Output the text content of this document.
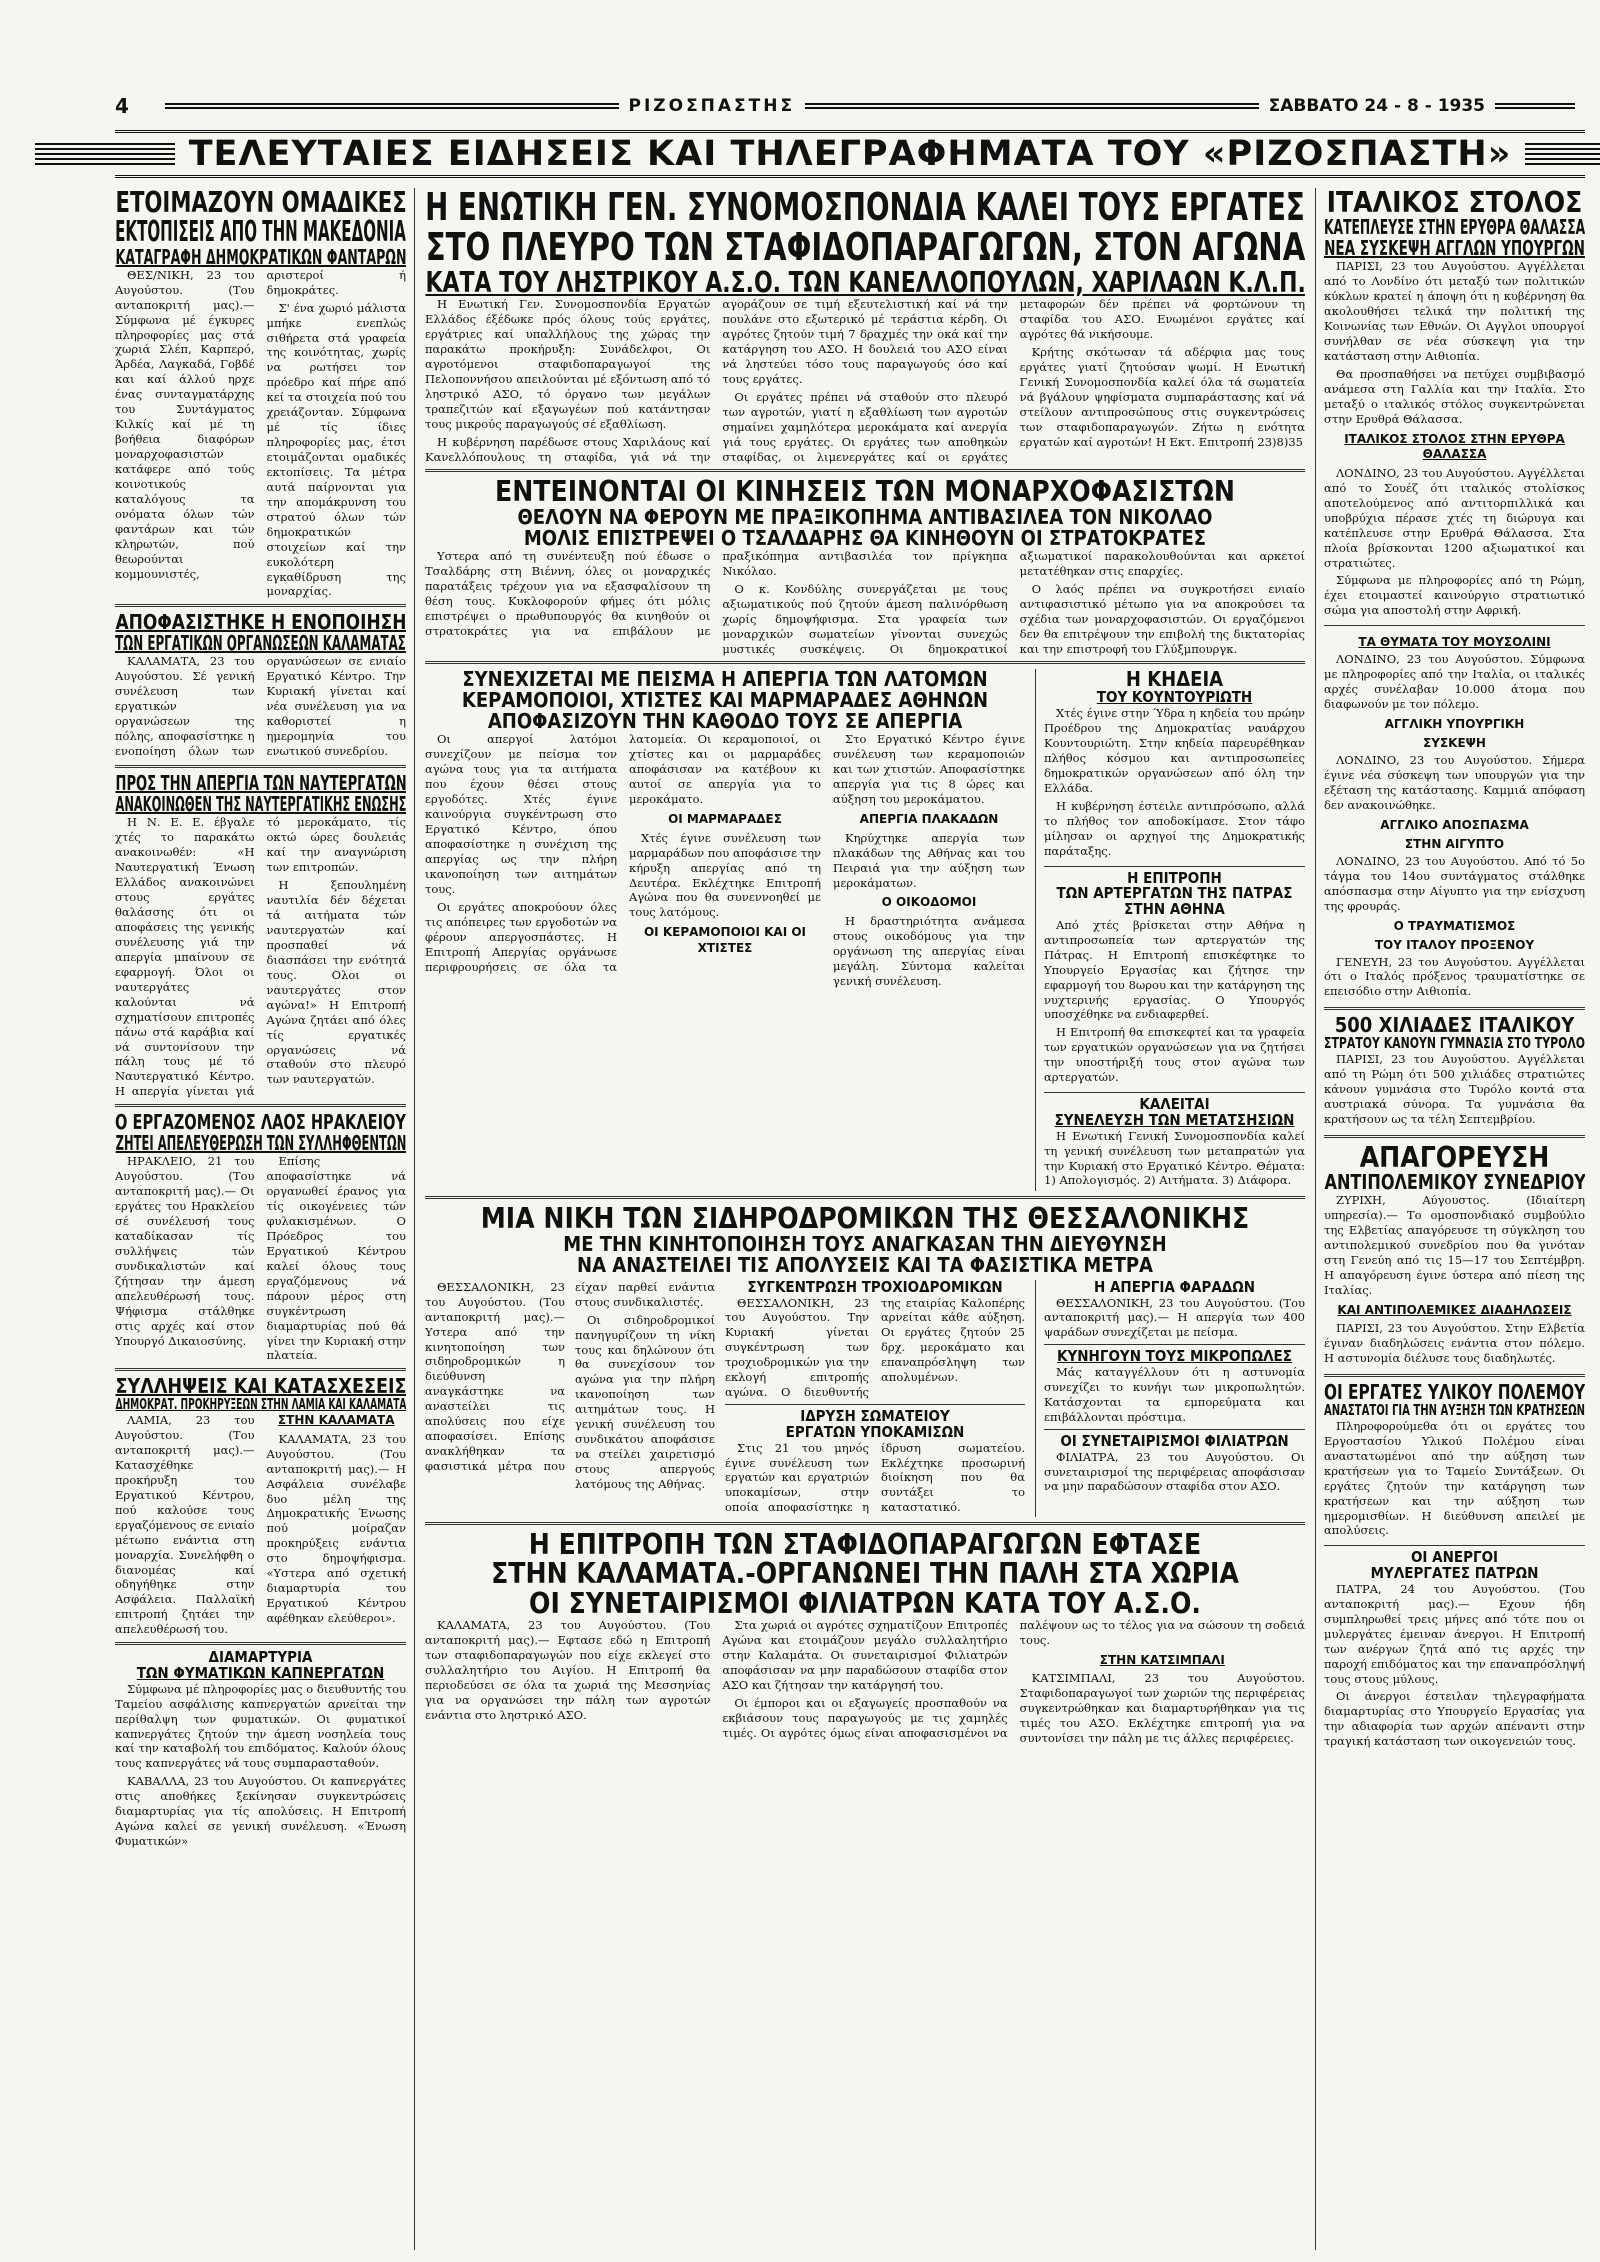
4	ΡΙΖΟΣΠΑΣΤΗΣ	ΣΑΒΒΑΤΟ 24 - 8 - 1935
ΤΕΛΕΥΤΑΙΕΣ ΕΙΔΗΣΕΙΣ ΚΑΙ ΤΗΛΕΓΡΑΦΗΜΑΤΑ ΤΟΥ «ΡΙΖΟΣΠΑΣΤΗ»
ΕΤΟΙΜΑΖΟΥΝ ΟΜΑΔΙΚΕΣ
ΕΚΤΟΠΙΣΕΙΣ ΑΠΟ ΤΗΝ ΜΑΚΕΔΟΝΙΑ
ΚΑΤΑΓΡΑΦΗ ΔΗΜΟΚΡΑΤΙΚΩΝ ΦΑΝΤΑΡΩΝ

ΘΕΣ/ΝΙΚΗ, 23 του Αυγούστου. (Του ανταποκριτή μας).— Σύμφωνα μέ έγκυρες πληροφορίες μας στά χωριά Σλέπ, Καρπερό, Άρδέα, Λαγκαδά, Γοβδέ και καί άλλού ηρχε ένας συνταγματάρχης του Συντάγματος Κιλκίς καί μέ τη βοήθεια διαφόρων μοναρχοφασιστών κατάφερε από τούς κοινοτικούς καταλόγους τα ονόματα όλων τών φαντάρων και τών κληρωτών, πού θεωρούνται κομμουνιστές, αριστεροί ή δημοκράτες.

Σ' ένα χωριό μάλιστα μπήκε ενεπλώς σιθήρετα στά γραφεία της κοινότητας, χωρίς να ρωτήσει τον πρόεδρο καί πήρε από κεί τα στοιχεία πού του χρειάζονταν. Σύμφωνα μέ τίς ίδιες πληροφορίες μας, έτσι ετοιμάζονται ομαδικές εκτοπίσεις. Τα μέτρα αυτά παίρνονται για την απομάκρυνση του στρατού όλων τών δημοκρατικών στοιχείων καί την ευκολότερη εγκαθίδρυση της μοναρχίας.

ΑΠΟΦΑΣΙΣΤΗΚΕ Η ΕΝΟΠΟΙΗΣΗ
ΤΩΝ ΕΡΓΑΤΙΚΩΝ ΟΡΓΑΝΩΣΕΩΝ ΚΑΛΑΜΑΤΑΣ

ΚΑΛΑΜΑΤΑ, 23 του Αυγούστου. Σέ γενική συνέλευση των εργατικών οργανώσεων της πόλης, αποφασίστηκε η ενοποίηση όλων των οργανώσεων σε ενιαίο Εργατικό Κέντρο. Την Κυριακή γίνεται καί νέα συνέλευση για να καθοριστεί η ημερομηνία του ενωτικού συνεδρίου.

ΠΡΟΣ ΤΗΝ ΑΠΕΡΓΙΑ ΤΩΝ ΝΑΥΤΕΡΓΑΤΩΝ
ΑΝΑΚΟΙΝΩΘΕΝ ΤΗΣ ΝΑΥΤΕΡΓΑΤΙΚΗΣ ΕΝΩΣΗΣ

Η Ν. Ε. Ε. έβγαλε χτές το παρακάτω ανακοινωθέν: «Η Ναυτεργατική Ένωση Ελλάδος ανακοινώνει στους εργάτες θαλάσσης ότι οι αποφάσεις της γενικής συνέλευσης γιά την απεργία μπαίνουν σε εφαρμογή. Όλοι οι ναυτεργάτες καλούνται νά σχηματίσουν επιτροπές πάνω στά καράβια καί νά συντονίσουν την πάλη τους μέ τό Ναυτεργατικό Κέντρο. Η απεργία γίνεται γιά τό μεροκάματο, τίς οκτώ ώρες δουλειάς καί την αναγνώριση των επιτροπών.

Η ξεπουλημένη ναυτιλία δέν δέχεται τά αιτήματα τών ναυτεργατών καί προσπαθεί νά διασπάσει την ενότητά τους. Ολοι οι ναυτεργάτες στον αγώνα!» Η Επιτροπή Αγώνα ζητάει από όλες τίς εργατικές οργανώσεις νά σταθούν στο πλευρό των ναυτεργατών.

Ο ΕΡΓΑΖΟΜΕΝΟΣ ΛΑΟΣ ΗΡΑΚΛΕΙΟΥ
ΖΗΤΕΙ ΑΠΕΛΕΥΘΕΡΩΣΗ ΤΩΝ ΣΥΛΛΗΦΘΕΝΤΩΝ

ΗΡΑΚΛΕΙΟ, 21 του Αυγούστου. (Του ανταποκριτή μας).— Οι εργάτες του Ηρακλείου σέ συνέλευσή τους καταδίκασαν τίς συλλήψεις τών συνδικαλιστών καί ζήτησαν την άμεση απελευθέρωσή τους. Ψήφισμα στάλθηκε στις αρχές καί στον Υπουργό Δικαιοσύνης.

Επίσης αποφασίστηκε νά οργανωθεί έρανος για τίς οικογένειες τών φυλακισμένων. Ο Πρόεδρος του Εργατικού Κέντρου καλεί όλους τους εργαζόμενους νά πάρουν μέρος στη συγκέντρωση διαμαρτυρίας πού θά γίνει την Κυριακή στην πλατεία.

ΣΥΛΛΗΨΕΙΣ ΚΑΙ ΚΑΤΑΣΧΕΣΕΙΣ
ΔΗΜΟΚΡΑΤ. ΠΡΟΚΗΡΥΞΕΩΝ ΣΤΗΝ ΛΑΜΙΑ ΚΑΙ ΚΑΛΑΜΑΤΑ

ΛΑΜΙΑ, 23 του Αυγούστου. (Του ανταποκριτή μας).— Κατασχέθηκε προκήρυξη του Εργατικού Κέντρου, πού καλούσε τους εργαζόμενους σε ενιαίο μέτωπο ενάντια στη μοναρχία. Συνελήφθη ο διανομέας καί οδηγήθηκε στην Ασφάλεια. Παλλαϊκή επιτροπή ζητάει την απελευθέρωσή του.

ΣΤΗΝ ΚΑΛΑΜΑΤΑ

ΚΑΛΑΜΑΤΑ, 23 του Αυγούστου. (Του ανταποκριτή μας).— Η Ασφάλεια συνέλαβε δυο μέλη της Δημοκρατικής Ένωσης πού μοίραζαν προκηρύξεις ενάντια στο δημοψήφισμα. «Υστερα από σχετική διαμαρτυρία του Εργατικού Κέντρου αφέθηκαν ελεύθεροι».

ΔΙΑΜΑΡΤΥΡΙΑ
ΤΩΝ ΦΥΜΑΤΙΚΩΝ ΚΑΠΝΕΡΓΑΤΩΝ

Σύμφωνα μέ πληροφορίες μας ο διευθυντής του Ταμείου ασφάλισης καπνεργατών αρνείται την περίθαλψη των φυματικών. Οι φυματικοί καπνεργάτες ζητούν την άμεση νοσηλεία τους καί την καταβολή του επιδόματος. Καλούν όλους τους καπνεργάτες νά τους συμπαρασταθούν.

ΚΑΒΑΛΛΑ, 23 του Αυγούστου. Οι καπνεργάτες στις αποθήκες ξεκίνησαν συγκεντρώσεις διαμαρτυρίας για τίς απολύσεις. Η Επιτροπή Αγώνα καλεί σε γενική συνέλευση. «Ένωση Φυματικών»

Η ΕΝΩΤΙΚΗ ΓΕΝ. ΣΥΝΟΜΟΣΠΟΝΔΙΑ ΚΑΛΕΙ ΤΟΥΣ ΕΡΓΑΤΕΣ
ΣΤΟ ΠΛΕΥΡΟ ΤΩΝ ΣΤΑΦΙΔΟΠΑΡΑΓΩΓΩΝ, ΣΤΟΝ ΑΓΩΝΑ
ΚΑΤΑ ΤΟΥ ΛΗΣΤΡΙΚΟΥ Α.Σ.Ο. ΤΩΝ ΚΑΝΕΛΛΟΠΟΥΛΩΝ, ΧΑΡΙΛΑΩΝ Κ.Λ.Π.

Η Ενωτική Γεν. Συνομοσπονδία Εργατών Ελλάδος έξέδωκε πρός όλους τούς εργάτες, εργάτριες καί υπαλλήλους της χώρας την παρακάτω προκήρυξη: Συνάδελφοι, Οι αγροτόμενοι σταφιδοπαραγωγοί της Πελοποννήσου απειλούνται μέ εξόντωση από τό ληστρικό ΑΣΟ, τό όργανο των μεγάλων τραπεζιτών καί εξαγωγέων πού κατάντησαν τους μικρούς παραγωγούς σέ εξαθλίωση.

Η κυβέρνηση παρέδωσε στους Χαριλάους καί Κανελλόπουλους τη σταφίδα, γιά νά την αγοράζουν σε τιμή εξευτελιστική καί νά την πουλάνε στο εξωτερικό μέ τεράστια κέρδη. Οι αγρότες ζητούν τιμή 7 δραχμές την οκά καί την κατάργηση του ΑΣΟ. Η δουλειά του ΑΣΟ είναι νά ληστεύει τόσο τους παραγωγούς όσο καί τους εργάτες.

Οι εργάτες πρέπει νά σταθούν στο πλευρό των αγροτών, γιατί η εξαθλίωση των αγροτών σημαίνει χαμηλότερα μεροκάματα καί ανεργία γιά τους εργάτες. Οι εργάτες των αποθηκών σταφίδας, οι λιμενεργάτες καί οι εργάτες μεταφορών δέν πρέπει νά φορτώνουν τη σταφίδα του ΑΣΟ. Ενωμένοι εργάτες καί αγρότες θά νικήσουμε.

Κρήτης σκότωσαν τά αδέρφια μας τους εργάτες γιατί ζητούσαν ψωμί. Η Ενωτική Γενική Συνομοσπονδία καλεί όλα τά σωματεία νά βγάλουν ψηφίσματα συμπαράστασης καί νά στείλουν αντιπροσώπους στις συγκεντρώσεις των σταφιδοπαραγωγών. Ζήτω η ενότητα εργατών καί αγροτών! Η Εκτ. Επιτροπή 23)8)35

ΕΝΤΕΙΝΟΝΤΑΙ ΟΙ ΚΙΝΗΣΕΙΣ ΤΩΝ ΜΟΝΑΡΧΟΦΑΣΙΣΤΩΝ
ΘΕΛΟΥΝ ΝΑ ΦΕΡΟΥΝ ΜΕ ΠΡΑΞΙΚΟΠΗΜΑ ΑΝΤΙΒΑΣΙΛΕΑ ΤΟΝ ΝΙΚΟΛΑΟ
ΜΟΛΙΣ ΕΠΙΣΤΡΕΨΕΙ Ο ΤΣΑΛΔΑΡΗΣ ΘΑ ΚΙΝΗΘΟΥΝ ΟΙ ΣΤΡΑΤΟΚΡΑΤΕΣ

Υστερα από τη συνέντευξη πού έδωσε ο Τσαλδάρης στη Βιέννη, όλες οι μοναρχικές παρατάξεις τρέχουν για να εξασφαλίσουν τη θέση τους. Κυκλοφορούν φήμες ότι μόλις επιστρέψει ο πρωθυπουργός θα κινηθούν οι στρατοκράτες για να επιβάλουν με πραξικόπημα αντιβασιλέα τον πρίγκηπα Νικόλαο.

Ο κ. Κονδύλης συνεργάζεται με τους αξιωματικούς πού ζητούν άμεση παλινόρθωση χωρίς δημοψήφισμα. Στα γραφεία των μοναρχικών σωματείων γίνονται συνεχώς μυστικές συσκέψεις. Οι δημοκρατικοί αξιωματικοί παρακολουθούνται και αρκετοί μετατέθηκαν στις επαρχίες.

Ο λαός πρέπει να συγκροτήσει ενιαίο αντιφασιστικό μέτωπο για να αποκρούσει τα σχέδια των μοναρχοφασιστών. Οι εργαζόμενοι δεν θα επιτρέψουν την επιβολή της δικτατορίας και την επιστροφή του Γλύξμπουργκ.

ΣΥΝΕΧΙΖΕΤΑΙ ΜΕ ΠΕΙΣΜΑ Η ΑΠΕΡΓΙΑ ΤΩΝ ΛΑΤΟΜΩΝ
ΚΕΡΑΜΟΠΟΙΟΙ, ΧΤΙΣΤΕΣ ΚΑΙ ΜΑΡΜΑΡΑΔΕΣ ΑΘΗΝΩΝ
ΑΠΟΦΑΣΙΖΟΥΝ ΤΗΝ ΚΑΘΟΔΟ ΤΟΥΣ ΣΕ ΑΠΕΡΓΙΑ

Οι απεργοί λατόμοι συνεχίζουν με πείσμα τον αγώνα τους για τα αιτήματα που έχουν θέσει στους εργοδότες. Χτές έγινε καινούργια συγκέντρωση στο Εργατικό Κέντρο, όπου αποφασίστηκε η συνέχιση της απεργίας ως την πλήρη ικανοποίηση των αιτημάτων τους.

Οι εργάτες αποκρούουν όλες τις απόπειρες των εργοδοτών να φέρουν απεργοσπάστες. Η Επιτροπή Απεργίας οργάνωσε περιφρουρήσεις σε όλα τα λατομεία. Οι κεραμοποιοί, οι χτίστες και οι μαρμαράδες αποφάσισαν να κατέβουν κι αυτοί σε απεργία για το μεροκάματο.

ΟΙ ΜΑΡΜΑΡΑΔΕΣ

Χτές έγινε συνέλευση των μαρμαράδων που αποφάσισε την κήρυξη απεργίας από τη Δευτέρα. Εκλέχτηκε Επιτροπή Αγώνα που θα συνεννοηθεί με τους λατόμους.

ΟΙ ΚΕΡΑΜΟΠΟΙΟΙ ΚΑΙ ΟΙ ΧΤΙΣΤΕΣ

Στο Εργατικό Κέντρο έγινε συνέλευση των κεραμοποιών και των χτιστών. Αποφασίστηκε απεργία για τις 8 ώρες και αύξηση του μεροκάματου.

ΑΠΕΡΓΙΑ ΠΛΑΚΑΔΩΝ

Κηρύχτηκε απεργία των πλακάδων της Αθήνας και του Πειραιά για την αύξηση των μεροκάματων.

Ο ΟΙΚΟΔΟΜΟΙ

Η δραστηριότητα ανάμεσα στους οικοδόμους για την οργάνωση της απεργίας είναι μεγάλη. Σύντομα καλείται γενική συνέλευση.

Η ΚΗΔΕΙΑ
ΤΟΥ ΚΟΥΝΤΟΥΡΙΩΤΗ

Χτές έγινε στην Ύδρα η κηδεία του πρώην Προέδρου της Δημοκρατίας ναυάρχου Κουντουριώτη. Στην κηδεία παρευρέθηκαν πλήθος κόσμου και αντιπροσωπείες δημοκρατικών οργανώσεων από όλη την Ελλάδα.

Η κυβέρνηση έστειλε αντιπρόσωπο, αλλά το πλήθος τον αποδοκίμασε. Στον τάφο μίλησαν οι αρχηγοί της Δημοκρατικής παράταξης.

Η ΕΠΙΤΡΟΠΗ
ΤΩΝ ΑΡΤΕΡΓΑΤΩΝ ΤΗΣ ΠΑΤΡΑΣ
ΣΤΗΝ ΑΘΗΝΑ

Από χτές βρίσκεται στην Αθήνα η αντιπροσωπεία των αρτεργατών της Πάτρας. Η Επιτροπή επισκέφτηκε το Υπουργείο Εργασίας και ζήτησε την εφαρμογή του 8ωρου και την κατάργηση της νυχτερινής εργασίας. Ο Υπουργός υποσχέθηκε να ενδιαφερθεί.

Η Επιτροπή θα επισκεφτεί και τα γραφεία των εργατικών οργανώσεων για να ζητήσει την υποστήριξή τους στον αγώνα των αρτεργατών.

ΚΑΛΕΙΤΑΙ
ΣΥΝΕΛΕΥΣΗ ΤΩΝ ΜΕΤΑΤΣΗΣΙΩΝ

Η Ενωτική Γενική Συνομοσπονδία καλεί τη γενική συνέλευση των μεταπρατών για την Κυριακή στο Εργατικό Κέντρο. Θέματα: 1) Απολογισμός. 2) Αιτήματα. 3) Διάφορα.

ΜΙΑ ΝΙΚΗ ΤΩΝ ΣΙΔΗΡΟΔΡΟΜΙΚΩΝ ΤΗΣ ΘΕΣΣΑΛΟΝΙΚΗΣ
ΜΕ ΤΗΝ ΚΙΝΗΤΟΠΟΙΗΣΗ ΤΟΥΣ ΑΝΑΓΚΑΣΑΝ ΤΗΝ ΔΙΕΥΘΥΝΣΗ
ΝΑ ΑΝΑΣΤΕΙΛΕΙ ΤΙΣ ΑΠΟΛΥΣΕΙΣ ΚΑΙ ΤΑ ΦΑΣΙΣΤΙΚΑ ΜΕΤΡΑ

ΘΕΣΣΑΛΟΝΙΚΗ, 23 του Αυγούστου. (Του ανταποκριτή μας).— Υστερα από την κινητοποίηση των σιδηροδρομικών η διεύθυνση αναγκάστηκε να αναστείλει τις απολύσεις που είχε αποφασίσει. Επίσης ανακλήθηκαν τα φασιστικά μέτρα που είχαν παρθεί ενάντια στους συνδικαλιστές.

Οι σιδηροδρομικοί πανηγυρίζουν τη νίκη τους και δηλώνουν ότι θα συνεχίσουν τον αγώνα για την πλήρη ικανοποίηση των αιτημάτων τους. Η γενική συνέλευση του συνδικάτου αποφάσισε να στείλει χαιρετισμό στους απεργούς λατόμους της Αθήνας.

ΣΥΓΚΕΝΤΡΩΣΗ ΤΡΟΧΙΟΔΡΟΜΙΚΩΝ

ΘΕΣΣΑΛΟΝΙΚΗ, 23 του Αυγούστου. Την Κυριακή γίνεται συγκέντρωση των τροχιοδρομικών για την εκλογή επιτροπής αγώνα. Ο διευθυντής της εταιρίας Καλοπέρης αρνείται κάθε αύξηση. Οι εργάτες ζητούν 25 δρχ. μεροκάματο και επαναπρόσληψη των απολυμένων.

ΙΔΡΥΣΗ ΣΩΜΑΤΕΙΟΥ
ΕΡΓΑΤΩΝ ΥΠΟΚΑΜΙΣΩΝ

Στις 21 του μηνός έγινε συνέλευση των εργατών και εργατριών υποκαμίσων, στην οποία αποφασίστηκε η ίδρυση σωματείου. Εκλέχτηκε προσωρινή διοίκηση που θα συντάξει το καταστατικό.

Η ΑΠΕΡΓΙΑ ΦΑΡΑΔΩΝ

ΘΕΣΣΑΛΟΝΙΚΗ, 23 του Αυγούστου. (Του ανταποκριτή μας).— Η απεργία των 400 ψαράδων συνεχίζεται με πείσμα.

ΚΥΝΗΓΟΥΝ ΤΟΥΣ ΜΙΚΡΟΠΩΛΕΣ

Μάς καταγγέλλουν ότι η αστυνομία συνεχίζει το κυνήγι των μικροπωλητών. Κατάσχονται τα εμπορεύματα και επιβάλλονται πρόστιμα.

ΟΙ ΣΥΝΕΤΑΙΡΙΣΜΟΙ ΦΙΛΙΑΤΡΩΝ

ΦΙΛΙΑΤΡΑ, 23 του Αυγούστου. Οι συνεταιρισμοί της περιφέρειας αποφάσισαν να μην παραδώσουν σταφίδα στον ΑΣΟ.

Η ΕΠΙΤΡΟΠΗ ΤΩΝ ΣΤΑΦΙΔΟΠΑΡΑΓΩΓΩΝ ΕΦΤΑΣΕ
ΣΤΗΝ ΚΑΛΑΜΑΤΑ.-ΟΡΓΑΝΩΝΕΙ ΤΗΝ ΠΑΛΗ ΣΤΑ ΧΩΡΙΑ
ΟΙ ΣΥΝΕΤΑΙΡΙΣΜΟΙ ΦΙΛΙΑΤΡΩΝ ΚΑΤΑ ΤΟΥ Α.Σ.Ο.

ΚΑΛΑΜΑΤΑ, 23 του Αυγούστου. (Του ανταποκριτή μας).— Εφτασε εδώ η Επιτροπή των σταφιδοπαραγωγών που είχε εκλεγεί στο συλλαλητήριο του Αιγίου. Η Επιτροπή θα περιοδεύσει σε όλα τα χωριά της Μεσσηνίας για να οργανώσει την πάλη των αγροτών ενάντια στο ληστρικό ΑΣΟ.

Στα χωριά οι αγρότες σχηματίζουν Επιτροπές Αγώνα και ετοιμάζουν μεγάλο συλλαλητήριο στην Καλαμάτα. Οι συνεταιρισμοί Φιλιατρών αποφάσισαν να μην παραδώσουν σταφίδα στον ΑΣΟ και ζήτησαν την κατάργησή του.

Οι έμποροι και οι εξαγωγείς προσπαθούν να εκβιάσουν τους παραγωγούς με τις χαμηλές τιμές. Οι αγρότες όμως είναι αποφασισμένοι να παλέψουν ως το τέλος για να σώσουν τη σοδειά τους.

ΣΤΗΝ ΚΑΤΣΙΜΠΑΛΙ

ΚΑΤΣΙΜΠΑΛΙ, 23 του Αυγούστου. Σταφιδοπαραγωγοί των χωριών της περιφέρειας συγκεντρώθηκαν και διαμαρτυρήθηκαν για τις τιμές του ΑΣΟ. Εκλέχτηκε επιτροπή για να συντονίσει την πάλη με τις άλλες περιφέρειες.

ΙΤΑΛΙΚΟΣ ΣΤΟΛΟΣ
ΚΑΤΕΠΛΕΥΣΕ ΣΤΗΝ ΕΡΥΘΡΑ ΘΑΛΑΣΣΑ
ΝΕΑ ΣΥΣΚΕΨΗ ΑΓΓΛΩΝ ΥΠΟΥΡΓΩΝ

ΠΑΡΙΣΙ, 23 του Αυγούστου. Αγγέλλεται από το Λονδίνο ότι μεταξύ των πολιτικών κύκλων κρατεί η άποψη ότι η κυβέρνηση θα ακολουθήσει τελικά την πολιτική της Κοινωνίας των Εθνών. Οι Αγγλοι υπουργοί συνήλθαν σε νέα σύσκεψη για την κατάσταση στην Αιθιοπία.

Θα προσπαθήσει να πετύχει συμβιβασμό ανάμεσα στη Γαλλία και την Ιταλία. Στο μεταξύ ο ιταλικός στόλος συγκεντρώνεται στην Ερυθρά Θάλασσα.

ΙΤΑΛΙΚΟΣ ΣΤΟΛΟΣ ΣΤΗΝ ΕΡΥΘΡΑ ΘΑΛΑΣΣΑ

ΛΟΝΔΙΝΟ, 23 του Αυγούστου. Αγγέλλεται από το Σουέζ ότι ιταλικός στολίσκος αποτελούμενος από αντιτορπιλλικά και υποβρύχια πέρασε χτές τη διώρυγα και κατέπλευσε στην Ερυθρά Θάλασσα. Στα πλοία βρίσκονται 1200 αξιωματικοί και στρατιώτες.

Σύμφωνα με πληροφορίες από τη Ρώμη, έχει ετοιμαστεί καινούργιο στρατιωτικό σώμα για αποστολή στην Αφρική.

ΤΑ ΘΥΜΑΤΑ ΤΟΥ ΜΟΥΣΟΛΙΝΙ

ΛΟΝΔΙΝΟ, 23 του Αυγούστου. Σύμφωνα με πληροφορίες από την Ιταλία, οι ιταλικές αρχές συνέλαβαν 10.000 άτομα που διαφωνούν με τον πόλεμο.

ΑΓΓΛΙΚΗ ΥΠΟΥΡΓΙΚΗ
ΣΥΣΚΕΨΗ

ΛΟΝΔΙΝΟ, 23 του Αυγούστου. Σήμερα έγινε νέα σύσκεψη των υπουργών για την εξέταση της κατάστασης. Καμμιά απόφαση δεν ανακοινώθηκε.

ΑΓΓΛΙΚΟ ΑΠΟΣΠΑΣΜΑ
ΣΤΗΝ ΑΙΓΥΠΤΟ

ΛΟΝΔΙΝΟ, 23 του Αυγούστου. Από τό 5ο τάγμα του 14ου συντάγματος στάλθηκε απόσπασμα στην Αίγυπτο για την ενίσχυση της φρουράς.

Ο ΤΡΑΥΜΑΤΙΣΜΟΣ
ΤΟΥ ΙΤΑΛΟΥ ΠΡΟΞΕΝΟΥ

ΓΕΝΕΥΗ, 23 του Αυγούστου. Αγγέλλεται ότι ο Ιταλός πρόξενος τραυματίστηκε σε επεισόδιο στην Αιθιοπία.

500 ΧΙΛΙΑΔΕΣ ΙΤΑΛΙΚΟΥ
ΣΤΡΑΤΟΥ ΚΑΝΟΥΝ ΓΥΜΝΑΣΙΑ ΣΤΟ ΤΥΡΟΛΟ

ΠΑΡΙΣΙ, 23 του Αυγούστου. Αγγέλλεται από τη Ρώμη ότι 500 χιλιάδες στρατιώτες κάνουν γυμνάσια στο Τυρόλο κοντά στα αυστριακά σύνορα. Τα γυμνάσια θα κρατήσουν ως τα τέλη Σεπτεμβρίου.

ΑΠΑΓΟΡΕΥΣΗ
ΑΝΤΙΠΟΛΕΜΙΚΟΥ ΣΥΝΕΔΡΙΟΥ

ΖΥΡΙΧΗ, Αύγουστος. (Ιδιαίτερη υπηρεσία).— Το ομοσπονδιακό συμβούλιο της Ελβετίας απαγόρευσε τη σύγκληση του αντιπολεμικού συνεδρίου που θα γινόταν στη Γενεύη από τις 15—17 του Σεπτέμβρη. Η απαγόρευση έγινε ύστερα από πίεση της Ιταλίας.

ΚΑΙ ΑΝΤΙΠΟΛΕΜΙΚΕΣ ΔΙΑΔΗΛΩΣΕΙΣ

ΠΑΡΙΣΙ, 23 του Αυγούστου. Στην Ελβετία έγιναν διαδηλώσεις ενάντια στον πόλεμο. Η αστυνομία διέλυσε τους διαδηλωτές.

ΟΙ ΕΡΓΑΤΕΣ ΥΛΙΚΟΥ ΠΟΛΕΜΟΥ
ΑΝΑΣΤΑΤΟΙ ΓΙΑ ΤΗΝ ΑΥΞΗΣΗ ΤΩΝ ΚΡΑΤΗΣΕΩΝ

Πληροφορούμεθα ότι οι εργάτες του Εργοστασίου Υλικού Πολέμου είναι αναστατωμένοι από την αύξηση των κρατήσεων για το Ταμείο Συντάξεων. Οι εργάτες ζητούν την κατάργηση των κρατήσεων και την αύξηση των ημερομισθίων. Η διεύθυνση απειλεί με απολύσεις.

ΟΙ ΑΝΕΡΓΟΙ
ΜΥΛΕΡΓΑΤΕΣ ΠΑΤΡΩΝ

ΠΑΤΡΑ, 24 του Αυγούστου. (Του ανταποκριτή μας).— Εχουν ήδη συμπληρωθεί τρεις μήνες από τότε που οι μυλεργάτες έμειναν άνεργοι. Η Επιτροπή των ανέργων ζητά από τις αρχές την παροχή επιδόματος και την επαναπρόσληψή τους στους μύλους.

Οι άνεργοι έστειλαν τηλεγραφήματα διαμαρτυρίας στο Υπουργείο Εργασίας για την αδιαφορία των αρχών απέναντι στην τραγική κατάσταση των οικογενειών τους.
